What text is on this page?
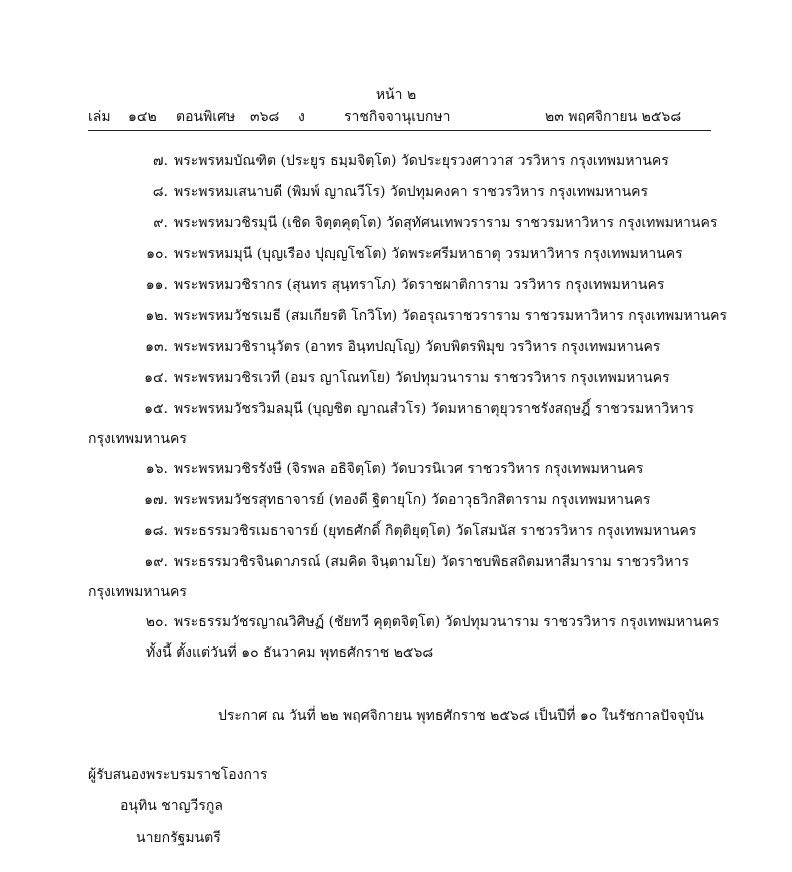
หน้า ๒
เล่ม ๑๔๒ ตอนพิเศษ ๓๖๘ ง	ราชกิจจานุเบกษา	๒๓ พฤศจิกายน ๒๕๖๘
๗. พระพรหมบัณฑิต (ประยูร ธมฺมจิตฺโต) วัดประยุรวงศาวาส วรวิหาร กรุงเทพมหานคร
๘. พระพรหมเสนาบดี (พิมพ์ ญาณวีโร) วัดปทุมคงคา ราชวรวิหาร กรุงเทพมหานคร
๙. พระพรหมวชิรมุนี (เชิด จิตฺตคุตฺโต) วัดสุทัศนเทพวราราม ราชวรมหาวิหาร กรุงเทพมหานคร
๑๐. พระพรหมมุนี (บุญเรือง ปุญฺญโชโต) วัดพระศรีมหาธาตุ วรมหาวิหาร กรุงเทพมหานคร
๑๑. พระพรหมวชิรากร (สุนทร สุนฺทราโภ) วัดราชผาติการาม วรวิหาร กรุงเทพมหานคร
๑๒. พระพรหมวัชรเมธี (สมเกียรติ โกวิโท) วัดอรุณราชวราราม ราชวรมหาวิหาร กรุงเทพมหานคร
๑๓. พระพรหมวชิรานุวัตร (อาทร อินฺทปญฺโญ) วัดบพิตรพิมุข วรวิหาร กรุงเทพมหานคร
๑๔. พระพรหมวชิรเวที (อมร ญาโณทโย) วัดปทุมวนาราม ราชวรวิหาร กรุงเทพมหานคร
๑๕. พระพรหมวัชรวิมลมุนี (บุญชิต ญาณสํวโร) วัดมหาธาตุยุวราชรังสฤษฎิ์ ราชวรมหาวิหาร
กรุงเทพมหานคร
๑๖. พระพรหมวชิรรังษี (จิรพล อธิจิตฺโต) วัดบวรนิเวศ ราชวรวิหาร กรุงเทพมหานคร
๑๗. พระพรหมวัชรสุทธาจารย์ (ทองดี ฐิตายุโก) วัดอาวุธวิกสิตาราม กรุงเทพมหานคร
๑๘. พระธรรมวชิรเมธาจารย์ (ยุทธศักดิ์ กิตฺติยุตฺโต) วัดโสมนัส ราชวรวิหาร กรุงเทพมหานคร
๑๙. พระธรรมวชิรจินดาภรณ์ (สมคิด จินฺตามโย) วัดราชบพิธสถิตมหาสีมาราม ราชวรวิหาร
กรุงเทพมหานคร
๒๐. พระธรรมวัชรญาณวิศิษฏ์ (ชัยทวี คุตฺตจิตฺโต) วัดปทุมวนาราม ราชวรวิหาร กรุงเทพมหานคร
ทั้งนี้ ตั้งแต่วันที่ ๑๐ ธันวาคม พุทธศักราช ๒๕๖๘
ประกาศ ณ วันที่ ๒๒ พฤศจิกายน พุทธศักราช ๒๕๖๘ เป็นปีที่ ๑๐ ในรัชกาลปัจจุบัน
ผู้รับสนองพระบรมราชโองการ
อนุทิน ชาญวีรกูล
นายกรัฐมนตรี
